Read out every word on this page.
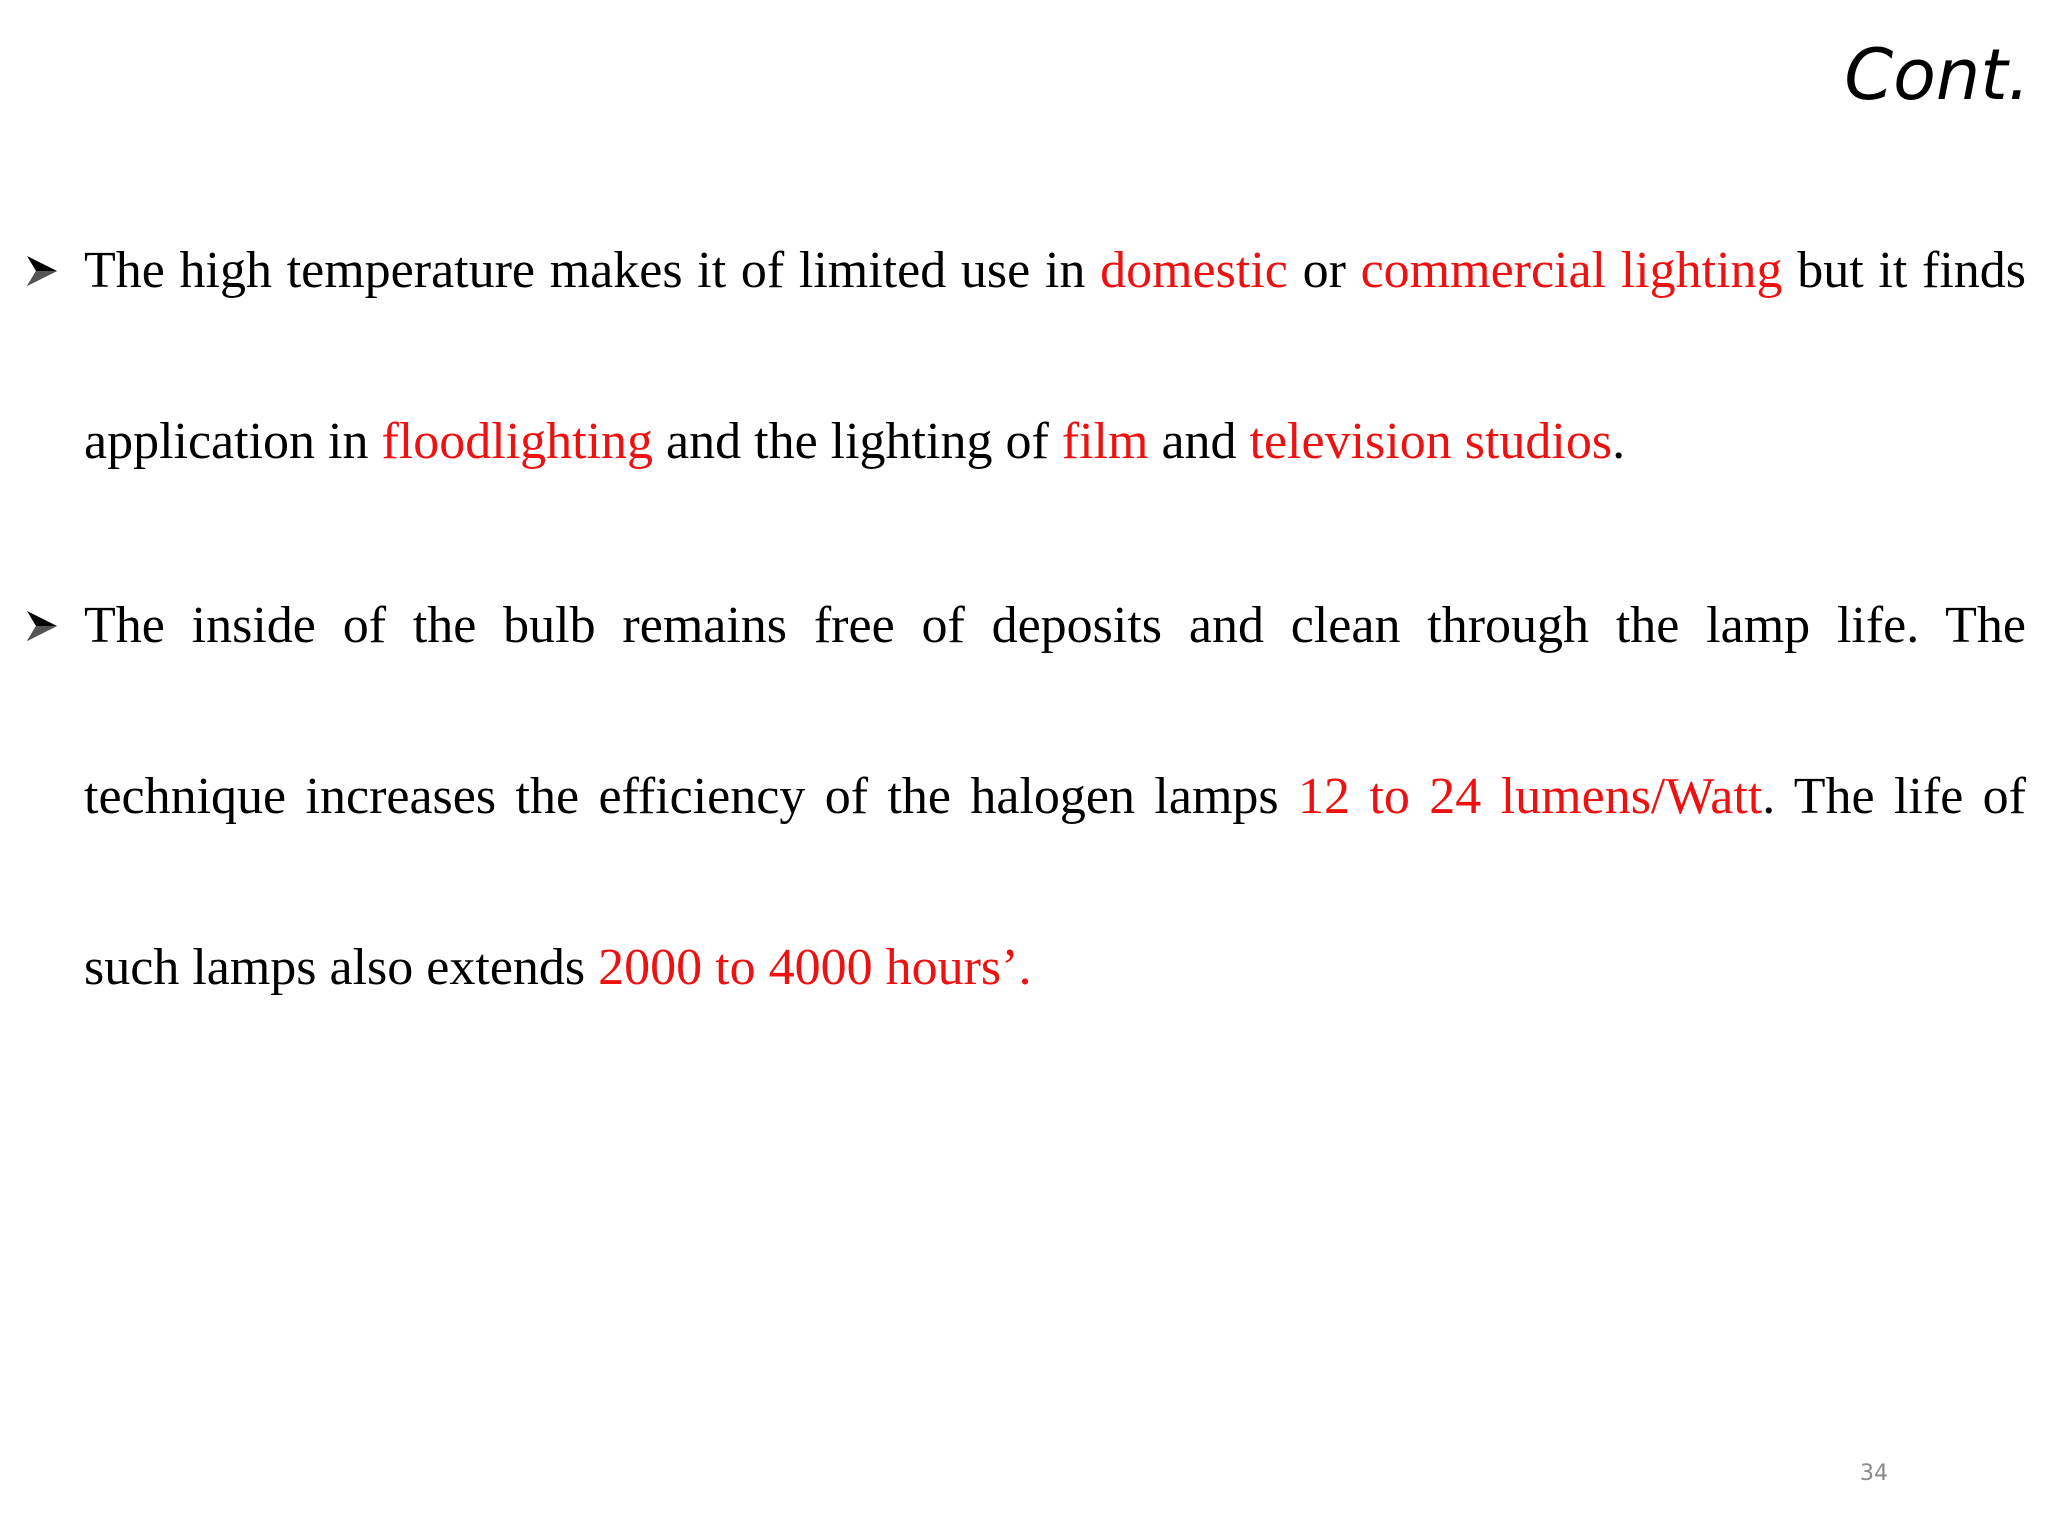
Cont.
The high temperature makes it of limited use in domestic or commercial lighting but it finds application in floodlighting and the lighting of film and television studios.
The inside of the bulb remains free of deposits and clean through the lamp life. The technique increases the efficiency of the halogen lamps 12 to 24 lumens/Watt. The life of such lamps also extends 2000 to 4000 hours’.
34
